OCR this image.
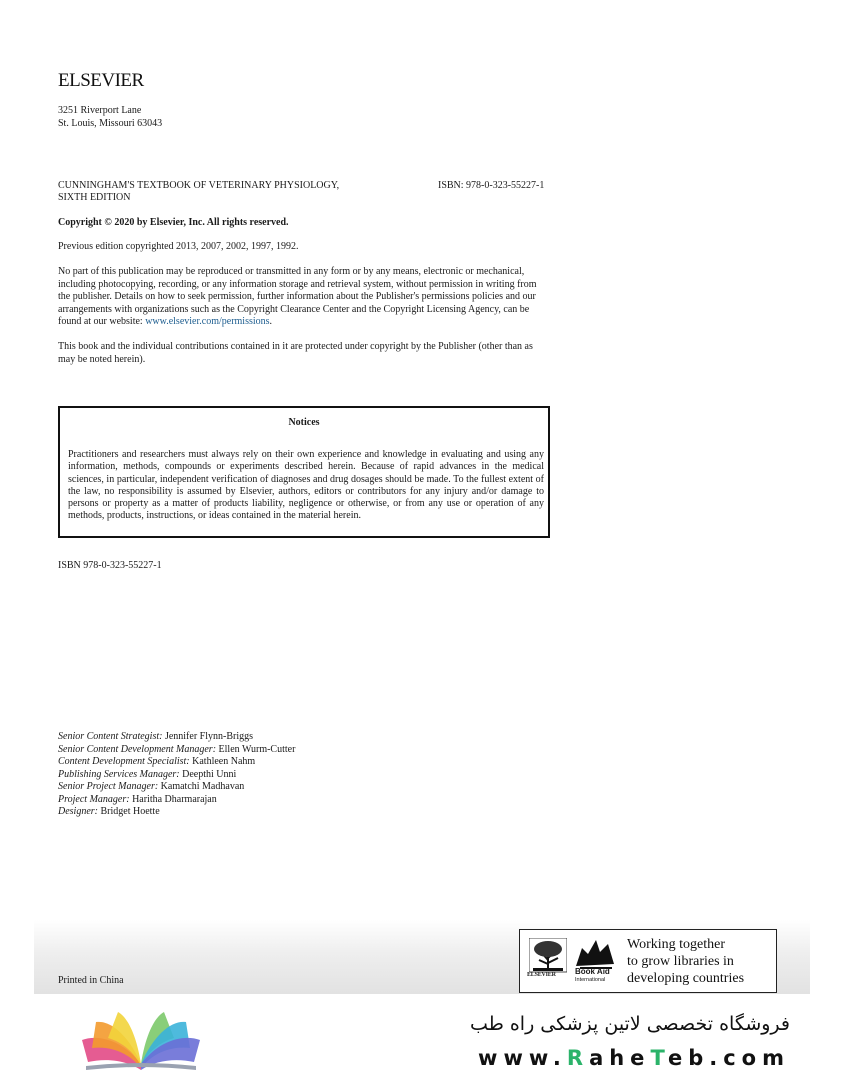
ELSEVIER
3251 Riverport Lane
St. Louis, Missouri 63043
CUNNINGHAM'S TEXTBOOK OF VETERINARY PHYSIOLOGY,
SIXTH EDITION
ISBN: 978-0-323-55227-1
Copyright © 2020 by Elsevier, Inc. All rights reserved.
Previous edition copyrighted 2013, 2007, 2002, 1997, 1992.
No part of this publication may be reproduced or transmitted in any form or by any means, electronic or mechanical, including photocopying, recording, or any information storage and retrieval system, without permission in writing from the publisher. Details on how to seek permission, further information about the Publisher's permissions policies and our arrangements with organizations such as the Copyright Clearance Center and the Copyright Licensing Agency, can be found at our website: www.elsevier.com/permissions.
This book and the individual contributions contained in it are protected under copyright by the Publisher (other than as may be noted herein).
Notices
Practitioners and researchers must always rely on their own experience and knowledge in evaluating and using any information, methods, compounds or experiments described herein. Because of rapid advances in the medical sciences, in particular, independent verification of diagnoses and drug dosages should be made. To the fullest extent of the law, no responsibility is assumed by Elsevier, authors, editors or contributors for any injury and/or damage to persons or property as a matter of products liability, negligence or otherwise, or from any use or operation of any methods, products, instructions, or ideas contained in the material herein.
ISBN 978-0-323-55227-1
Senior Content Strategist: Jennifer Flynn-Briggs
Senior Content Development Manager: Ellen Wurm-Cutter
Content Development Specialist: Kathleen Nahm
Publishing Services Manager: Deepthi Unni
Senior Project Manager: Kamatchi Madhavan
Project Manager: Haritha Dharmarajan
Designer: Bridget Hoette
Printed in China	ELSEVIER Book Aid
International
Working together
to grow libraries in
developing countries
فروشگاه تخصصی لاتین پزشکی راه طب
www.RaheTeb.com
